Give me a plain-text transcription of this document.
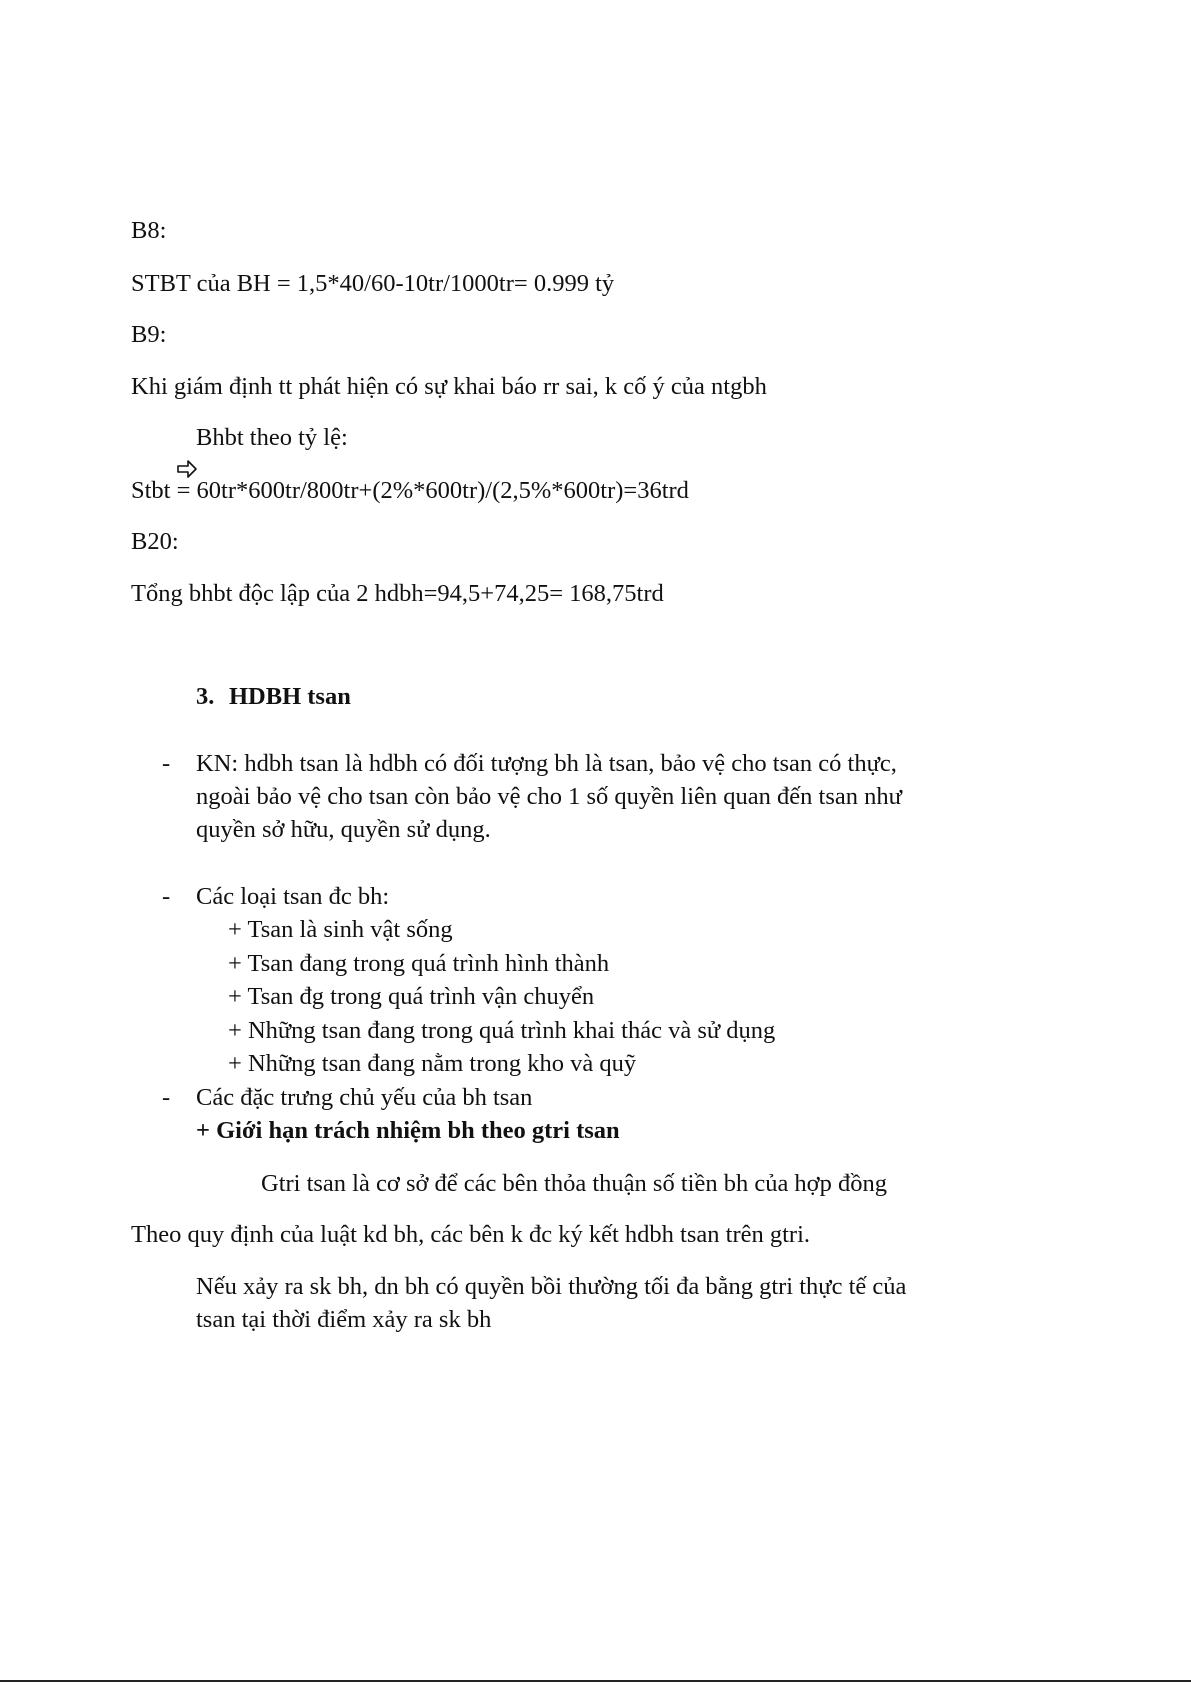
B8:
STBT của BH = 1,5*40/60-10tr/1000tr= 0.999 tỷ
B9:
Khi giám định tt phát hiện có sự khai báo rr sai, k cố ý của ntgbh
Bhbt theo tỷ lệ:
Stbt = 60tr*600tr/800tr+(2%*600tr)/(2,5%*600tr)=36trd
B20:
Tổng bhbt độc lập của 2 hdbh=94,5+74,25= 168,75trd
3. HDBH tsan
- KN: hdbh tsan là hdbh có đối tượng bh là tsan, bảo vệ cho tsan có thực,
ngoài bảo vệ cho tsan còn bảo vệ cho 1 số quyền liên quan đến tsan như
quyền sở hữu, quyền sử dụng.
- Các loại tsan đc bh:
+ Tsan là sinh vật sống
+ Tsan đang trong quá trình hình thành
+ Tsan đg trong quá trình vận chuyển
+ Những tsan đang trong quá trình khai thác và sử dụng
+ Những tsan đang nằm trong kho và quỹ
- Các đặc trưng chủ yếu của bh tsan
+ Giới hạn trách nhiệm bh theo gtri tsan
Gtri tsan là cơ sở để các bên thỏa thuận số tiền bh của hợp đồng
Theo quy định của luật kd bh, các bên k đc ký kết hdbh tsan trên gtri.
Nếu xảy ra sk bh, dn bh có quyền bồi thường tối đa bằng gtri thực tế của
tsan tại thời điểm xảy ra sk bh
